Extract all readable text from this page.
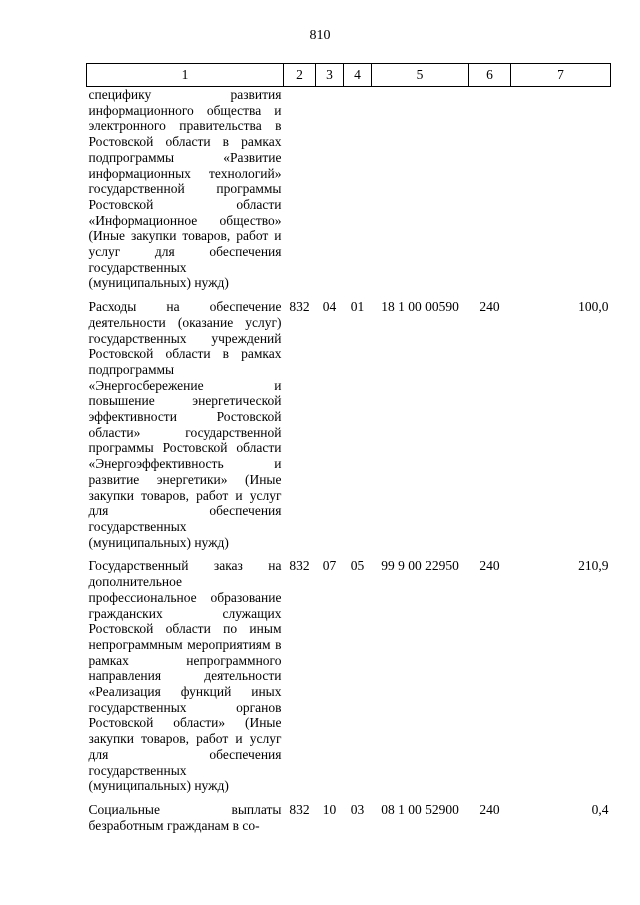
810
1	2	3	4	5	6	7
специфику развития информационного общества и электронного правительства в Ростовской области в рамках подпрограммы «Развитие информационных технологий» государственной программы Ростовской области «Информационное общество» (Иные закупки товаров, работ и услуг для обеспечения государственных (муниципальных) нужд)						
Расходы на обеспечение деятельности (оказание услуг) государственных учреждений Ростовской области в рамках подпрограммы «Энергосбережение и повышение энергетической эффективности Ростовской области» государственной программы Ростовской области «Энергоэффективность и развитие энергетики» (Иные закупки товаров, работ и услуг для обеспечения государственных (муниципальных) нужд)	832	04	01	18 1 00 00590	240	100,0
Государственный заказ на дополнительное профессиональное образование гражданских служащих Ростовской области по иным непрограммным мероприятиям в рамках непрограммного направления деятельности «Реализация функций иных государственных органов Ростовской области» (Иные закупки товаров, работ и услуг для обеспечения государственных (муниципальных) нужд)	832	07	05	99 9 00 22950	240	210,9
Социальные выплаты безработным гражданам в со-	832	10	03	08 1 00 52900	240	0,4
